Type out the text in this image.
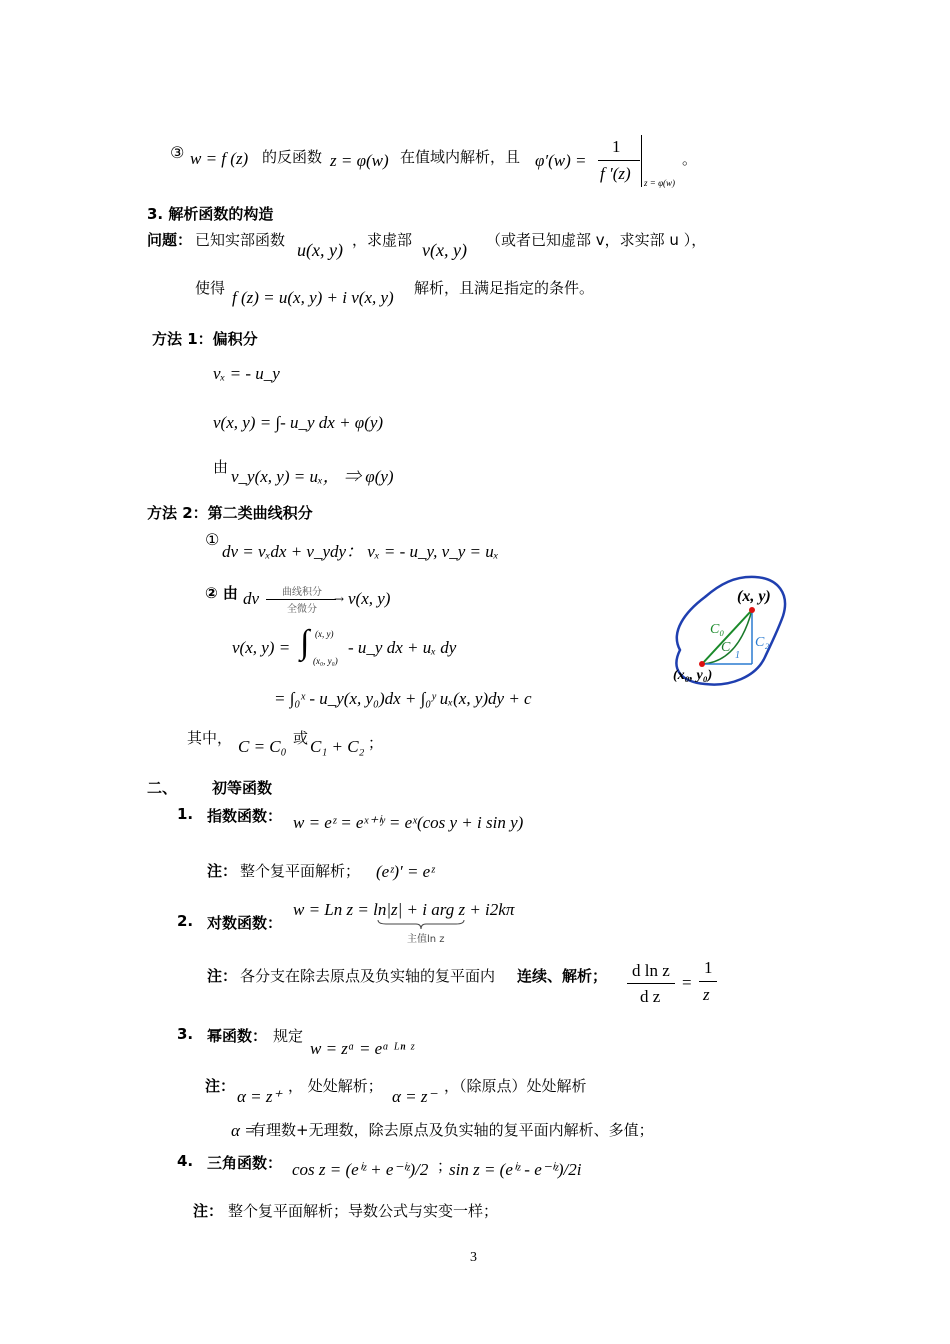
③ w = f (z) 的反函数 z = φ(w) 在值域内解析，且 φ′(w) =
1
f ′(z) z = φ(w)
。
3. 解析函数的构造
问题： 已知实部函数 u(x, y) ，求虚部 v(x, y) （或者已知虚部 v，求实部 u ），
使得 f (z) = u(x, y) + i v(x, y) 解析，且满足指定的条件。
方法 1：偏积分
vₓ = - u_y
v(x, y) = ∫- u_y dx + φ(y)
由 v_y(x, y) = uₓ， ⇒ φ(y)
方法 2：第二类曲线积分
①
dv = vₓdx + v_ydy： vₓ = - u_y, v_y = uₓ
② 由 dv 曲线积分 →
全微分
v(x, y)
v(x, y) = ∫ (x, y)
(x₀, y₀)
- u_y dx + uₓ dy
= ∫₀ˣ - u_y(x, y₀)dx + ∫₀ʸ uₓ(x, y)dy + c
其中， C = C₀ 或 C₁ + C₂ ；
(x, y)
(x₀, y₀)
C₀
C
1
C₂
二、 初等函数
1. 指数函数： w = eᶻ = eˣ⁺ⁱʸ = eˣ(cos y + i sin y)
注： 整个复平面解析； (eᶻ)′ = eᶻ
2. 对数函数：
w = Ln z = ln|z| + i arg z + i2kπ
主值ln z
注： 各分支在除去原点及负实轴的复平面内 连续、解析； d ln z
d z
=
1
z
3. 幂函数： 规定
w = zᵅ = eᵅ ᴸⁿ ᶻ
注：
α = z⁺
， 处处解析；
α = z⁻
，（除原点）处处解析
α =
有理数+无理数，除去原点及负实轴的复平面内解析、多值；
4. 三角函数： cos z = (eⁱᶻ + e⁻ⁱᶻ)/2 ；
sin z = (eⁱᶻ - e⁻ⁱᶻ)/2i
注： 整个复平面解析；导数公式与实变一样；
3
